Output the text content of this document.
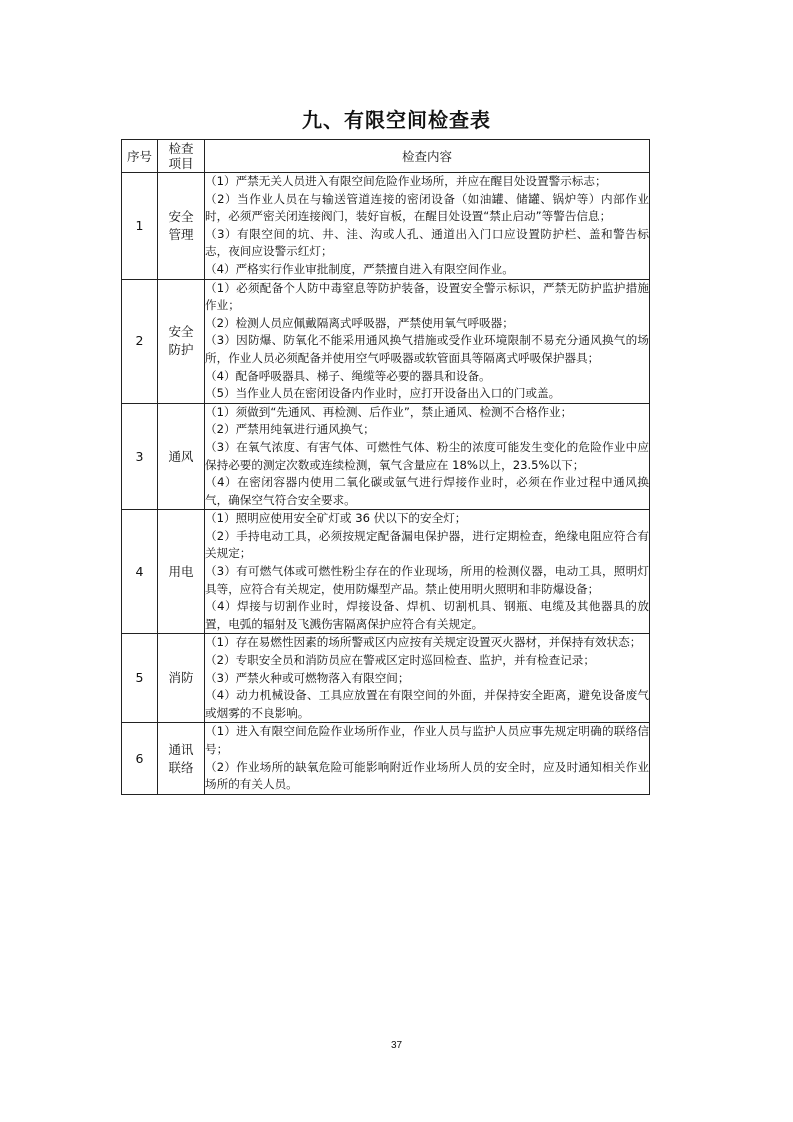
九、有限空间检查表
序号	检查项目	检查内容
1	安全管理	（1）严禁无关人员进入有限空间危险作业场所，并应在醒目处设置警示标志；

（2）当作业人员在与输送管道连接的密闭设备（如油罐、储罐、锅炉等）内部作业时，必须严密关闭连接阀门，装好盲板，在醒目处设置“禁止启动”等警告信息；

（3）有限空间的坑、井、洼、沟或人孔、通道出入门口应设置防护栏、盖和警告标志，夜间应设警示红灯；

（4）严格实行作业审批制度，严禁擅自进入有限空间作业。

2	安全防护	（1）必须配备个人防中毒窒息等防护装备，设置安全警示标识，严禁无防护监护措施作业；

（2）检测人员应佩戴隔离式呼吸器，严禁使用氧气呼吸器；

（3）因防爆、防氧化不能采用通风换气措施或受作业环境限制不易充分通风换气的场所，作业人员必须配备并使用空气呼吸器或软管面具等隔离式呼吸保护器具；

（4）配备呼吸器具、梯子、绳缆等必要的器具和设备。

（5）当作业人员在密闭设备内作业时，应打开设备出入口的门或盖。

3	通风	（1）须做到“先通风、再检测、后作业”，禁止通风、检测不合格作业；

（2）严禁用纯氧进行通风换气；

（3）在氧气浓度、有害气体、可燃性气体、粉尘的浓度可能发生变化的危险作业中应保持必要的测定次数或连续检测，氧气含量应在 18%以上，23.5%以下；

（4）在密闭容器内使用二氧化碳或氩气进行焊接作业时，必须在作业过程中通风换气，确保空气符合安全要求。

4	用电	（1）照明应使用安全矿灯或 36 伏以下的安全灯；

（2）手持电动工具，必须按规定配备漏电保护器，进行定期检查，绝缘电阻应符合有关规定；

（3）有可燃气体或可燃性粉尘存在的作业现场，所用的检测仪器，电动工具，照明灯具等，应符合有关规定，使用防爆型产品。禁止使用明火照明和非防爆设备；

（4）焊接与切割作业时，焊接设备、焊机、切割机具、钢瓶、电缆及其他器具的放置，电弧的辐射及飞溅伤害隔离保护应符合有关规定。

5	消防	（1）存在易燃性因素的场所警戒区内应按有关规定设置灭火器材，并保持有效状态；

（2）专职安全员和消防员应在警戒区定时巡回检查、监护，并有检查记录；

（3）严禁火种或可燃物落入有限空间；

（4）动力机械设备、工具应放置在有限空间的外面，并保持安全距离，避免设备废气或烟雾的不良影响。

6	通讯联络	（1）进入有限空间危险作业场所作业，作业人员与监护人员应事先规定明确的联络信号；

（2）作业场所的缺氧危险可能影响附近作业场所人员的安全时，应及时通知相关作业场所的有关人员。

37
